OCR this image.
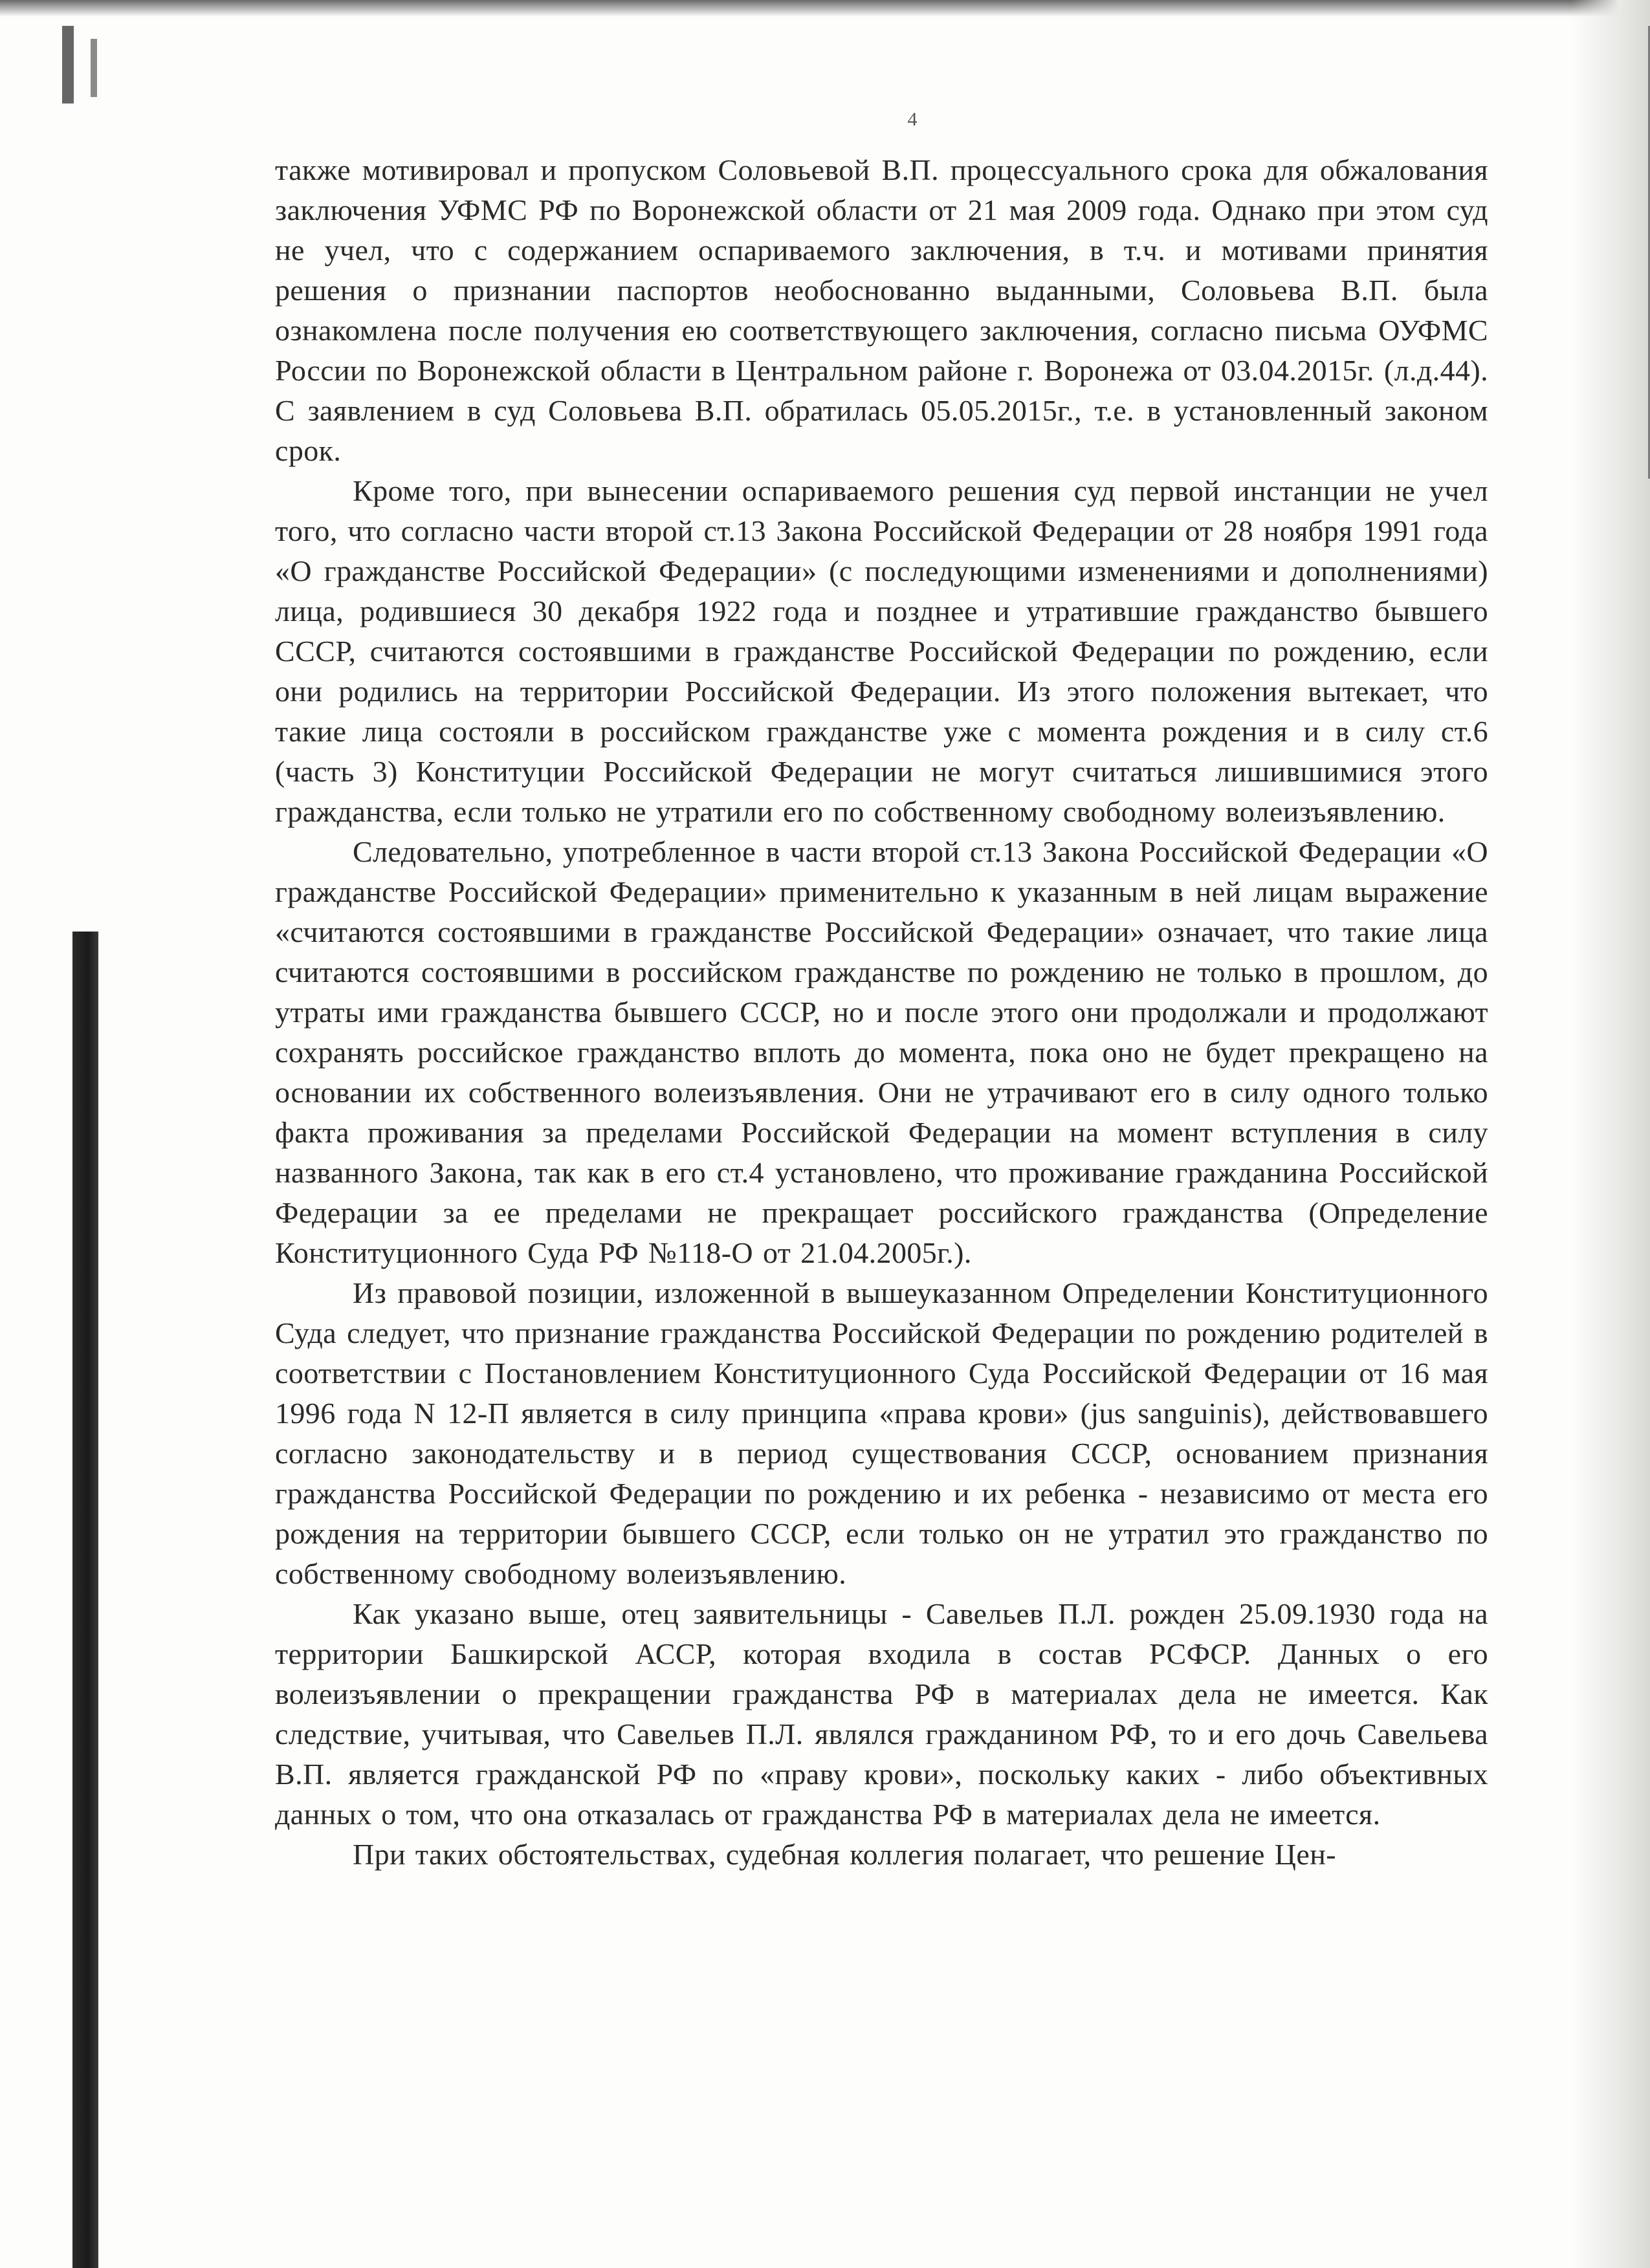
4

также мотивировал и пропуском Соловьевой В.П. процессуального срока для обжалования заключения УФМС РФ по Воронежской области от 21 мая 2009 года. Однако при этом суд не учел, что с содержанием оспариваемого заключения, в т.ч. и мотивами принятия решения о признании паспортов необоснованно выданными, Соловьева В.П. была ознакомлена после получения ею соответствующего заключения, согласно письма ОУФМС России по Воронежской области в Центральном районе г. Воронежа от 03.04.2015г. (л.д.44). С заявлением в суд Соловьева В.П. обратилась 05.05.2015г., т.е. в установленный законом срок.

Кроме того, при вынесении оспариваемого решения суд первой инстанции не учел того, что согласно части второй ст.13 Закона Российской Федерации от 28 ноября 1991 года «О гражданстве Российской Федерации» (с последующими изменениями и дополнениями) лица, родившиеся 30 декабря 1922 года и позднее и утратившие гражданство бывшего СССР, считаются состоявшими в гражданстве Российской Федерации по рождению, если они родились на территории Российской Федерации. Из этого положения вытекает, что такие лица состояли в российском гражданстве уже с момента рождения и в силу ст.6 (часть 3) Конституции Российской Федерации не могут считаться лишившимися этого гражданства, если только не утратили его по собственному свободному волеизъявлению.

Следовательно, употребленное в части второй ст.13 Закона Российской Федерации «О гражданстве Российской Федерации» применительно к указанным в ней лицам выражение «считаются состоявшими в гражданстве Российской Федерации» означает, что такие лица считаются состоявшими в российском гражданстве по рождению не только в прошлом, до утраты ими гражданства бывшего СССР, но и после этого они продолжали и продолжают сохранять российское гражданство вплоть до момента, пока оно не будет прекращено на основании их собственного волеизъявления. Они не утрачивают его в силу одного только факта проживания за пределами Российской Федерации на момент вступления в силу названного Закона, так как в его ст.4 установлено, что проживание гражданина Российской Федерации за ее пределами не прекращает российского гражданства (Определение Конституционного Суда РФ №118-О от 21.04.2005г.).

Из правовой позиции, изложенной в вышеуказанном Определении Конституционного Суда следует, что признание гражданства Российской Федерации по рождению родителей в соответствии с Постановлением Конституционного Суда Российской Федерации от 16 мая 1996 года N 12-П является в силу принципа «права крови» (jus sanguinis), действовавшего согласно законодательству и в период существования СССР, основанием признания гражданства Российской Федерации по рождению и их ребенка - независимо от места его рождения на территории бывшего СССР, если только он не утратил это гражданство по собственному свободному волеизъявлению.

Как указано выше, отец заявительницы - Савельев П.Л. рожден 25.09.1930 года на территории Башкирской АССР, которая входила в состав РСФСР. Данных о его волеизъявлении о прекращении гражданства РФ в материалах дела не имеется. Как следствие, учитывая, что Савельев П.Л. являлся гражданином РФ, то и его дочь Савельева В.П. является гражданской РФ по «праву крови», поскольку каких - либо объективных данных о том, что она отказалась от гражданства РФ в материалах дела не имеется.

При таких обстоятельствах, судебная коллегия полагает, что решение Цен-
